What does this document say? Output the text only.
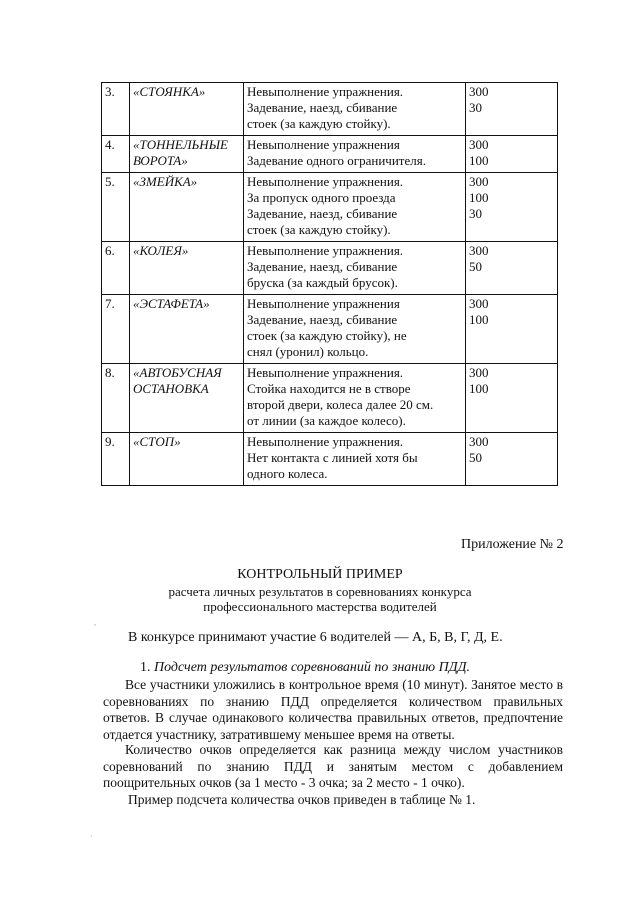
3.	«СТОЯНКА»	Невыполнение упражнения.
Задевание, наезд, сбивание
стоек (за каждую стойку).	300
30

4.	«ТОННЕЛЬНЫЕ ВОРОТА»	Невыполнение упражнения
Задевание одного ограничителя.	300
100

5.	«ЗМЕЙКА»	Невыполнение упражнения.
За пропуск одного проезда
Задевание, наезд, сбивание
стоек (за каждую стойку).	300
100
30

6.	«КОЛЕЯ»	Невыполнение упражнения.
Задевание, наезд, сбивание
бруска (за каждый брусок).	300
50

7.	«ЭСТАФЕТА»	Невыполнение упражнения
Задевание, наезд, сбивание
стоек (за каждую стойку), не
снял (уронил) кольцо.	300
100

8.	«АВТОБУСНАЯ ОСТАНОВКА	Невыполнение упражнения.
Стойка находится не в створе
второй двери, колеса далее 20 см.
от линии (за каждое колесо).	300
100

9.	«СТОП»	Невыполнение упражнения.
Нет контакта с линией хотя бы
одного колеса.	300
50
Приложение № 2
КОНТРОЛЬНЫЙ ПРИМЕР
расчета личных результатов в соревнованиях конкурса
профессионального мастерства водителей
В конкурсе принимают участие 6 водителей — А, Б, В, Г, Д, Е.
1. Подсчет результатов соревнований по знанию ПДД.
Все участники уложились в контрольное время (10 минут). Занятое место в соревнованиях по знанию ПДД определяется количеством правильных ответов. В случае одинакового количества правильных ответов, предпочтение отдается участнику, затратившему меньшее время на ответы.
Количество очков определяется как разница между числом участников соревнований по знанию ПДД и занятым местом с добавлением поощрительных очков (за 1 место - 3 очка; за 2 место - 1 очко).
Пример подсчета количества очков приведен в таблице № 1.
,
·
